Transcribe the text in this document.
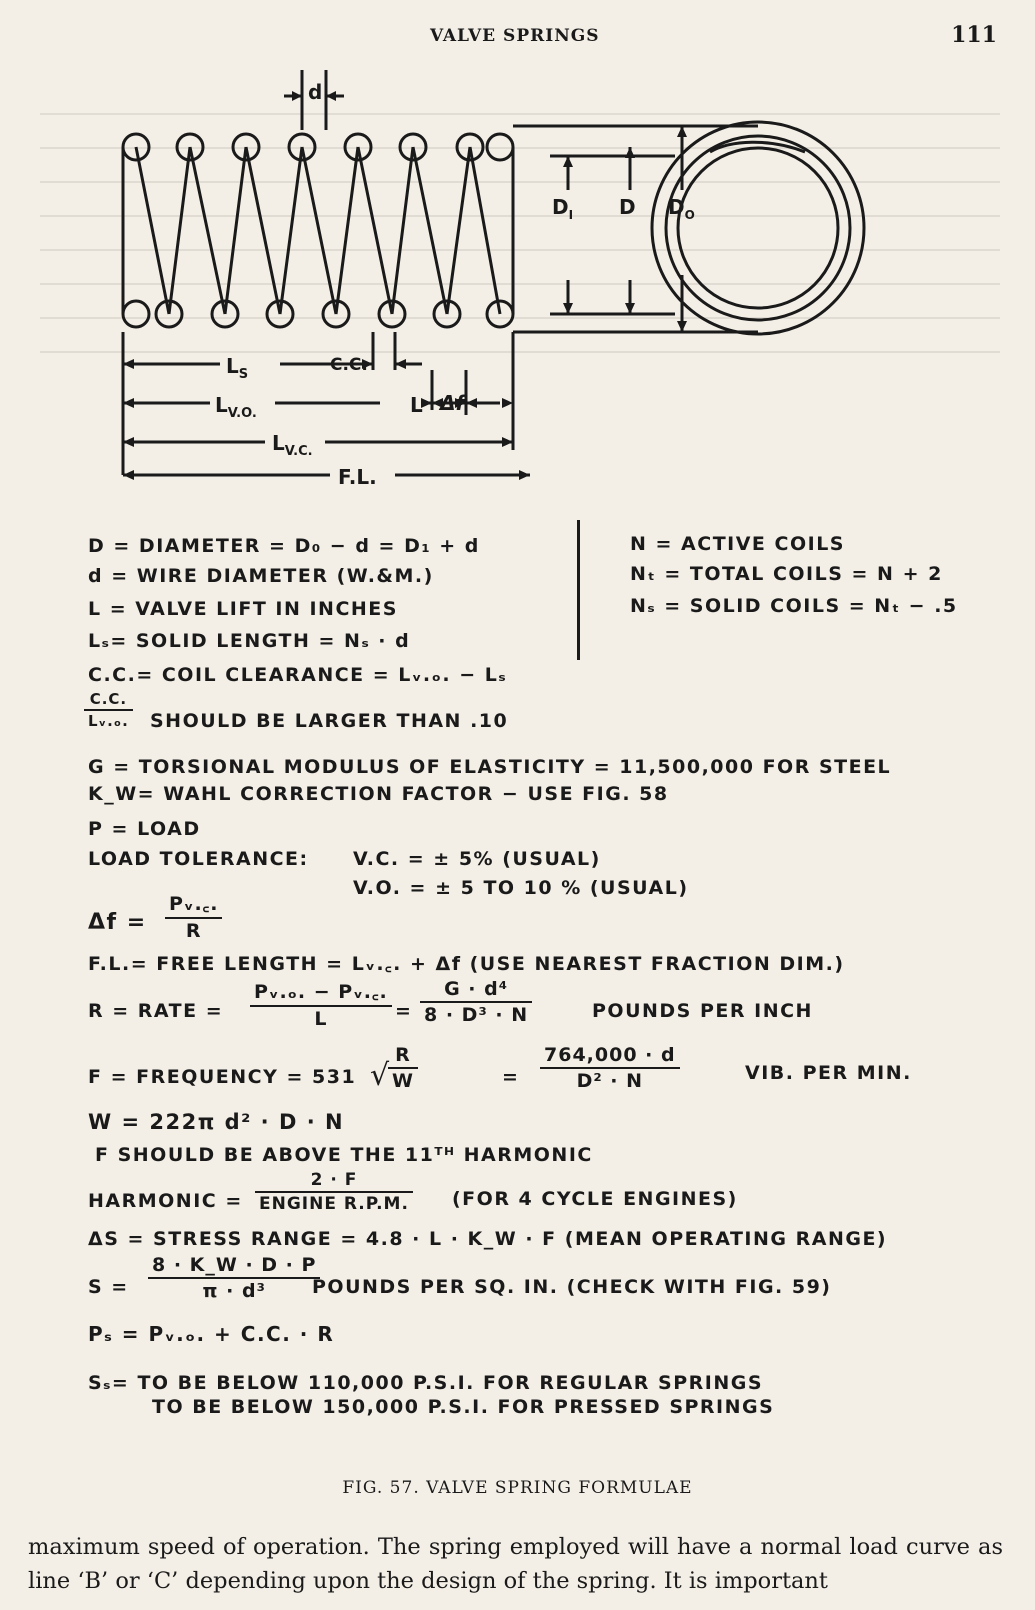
VALVE SPRINGS	111
d
$D_I$ D $D_O$
$L_S$	C.C.
$L_{V.O.}$	L Δf
$L_{V.C.}$
F.L.
D = DIAMETER = D₀ − d = D₁ + d
d = WIRE DIAMETER (W.&M.)
L = VALVE LIFT IN INCHES
Lₛ= SOLID LENGTH = Nₛ · d
C.C.= COIL CLEARANCE = Lᵥ.ₒ. − Lₛ
$\frac{C.C.}{\text{Lᵥ.ₒ.}}$ SHOULD BE LARGER THAN .10
N = ACTIVE COILS
Nₜ = TOTAL COILS = N + 2
Nₛ = SOLID COILS = Nₜ − .5
G = TORSIONAL MODULUS OF ELASTICITY = 11,500,000 FOR STEEL
K_W= WAHL CORRECTION FACTOR − USE FIG. 58
P = LOAD
LOAD TOLERANCE: V.C. = ± 5% (USUAL)
V.O. = ± 5 TO 10 % (USUAL)
$\Delta f = \frac{\text{Pᵥ.꜀.}}{R}$
F.L.= FREE LENGTH = Lᵥ.꜀. + Δf (USE NEAREST FRACTION DIM.)
R = RATE = $\frac{\text{Pᵥ.ₒ. − Pᵥ.꜀.}}{L} = \frac{\text{G · d⁴}}{\text{8 · D³ · N}}$	POUNDS PER INCH
F = FREQUENCY = 531 √
$\frac{R}{W}$	= $\frac{764,000 \cdot d}{\text{D² · N}}$	VIB. PER MIN.
W = 222π d² · D · N
F SHOULD BE ABOVE THE 11ᵀᴴ HARMONIC
HARMONIC =
2 · F
ENGINE R.P.M. (FOR 4 CYCLE ENGINES)
ΔS = STRESS RANGE = 4.8 · L · K_W · F (MEAN OPERATING RANGE)
$S = \frac{8 \cdot K\_W \cdot D \cdot P}{\text{π · d³}}$
POUNDS PER SQ. IN. (CHECK WITH FIG. 59)
Pₛ = Pᵥ.ₒ. + C.C. · R
Sₛ= TO BE BELOW 110,000 P.S.I. FOR REGULAR SPRINGS
TO BE BELOW 150,000 P.S.I. FOR PRESSED SPRINGS
FIG. 57. VALVE SPRING FORMULAE
maximum speed of operation. The spring employed will have a normal load curve as line ‘B’ or ‘C’ depending upon the design of the spring. It is important
